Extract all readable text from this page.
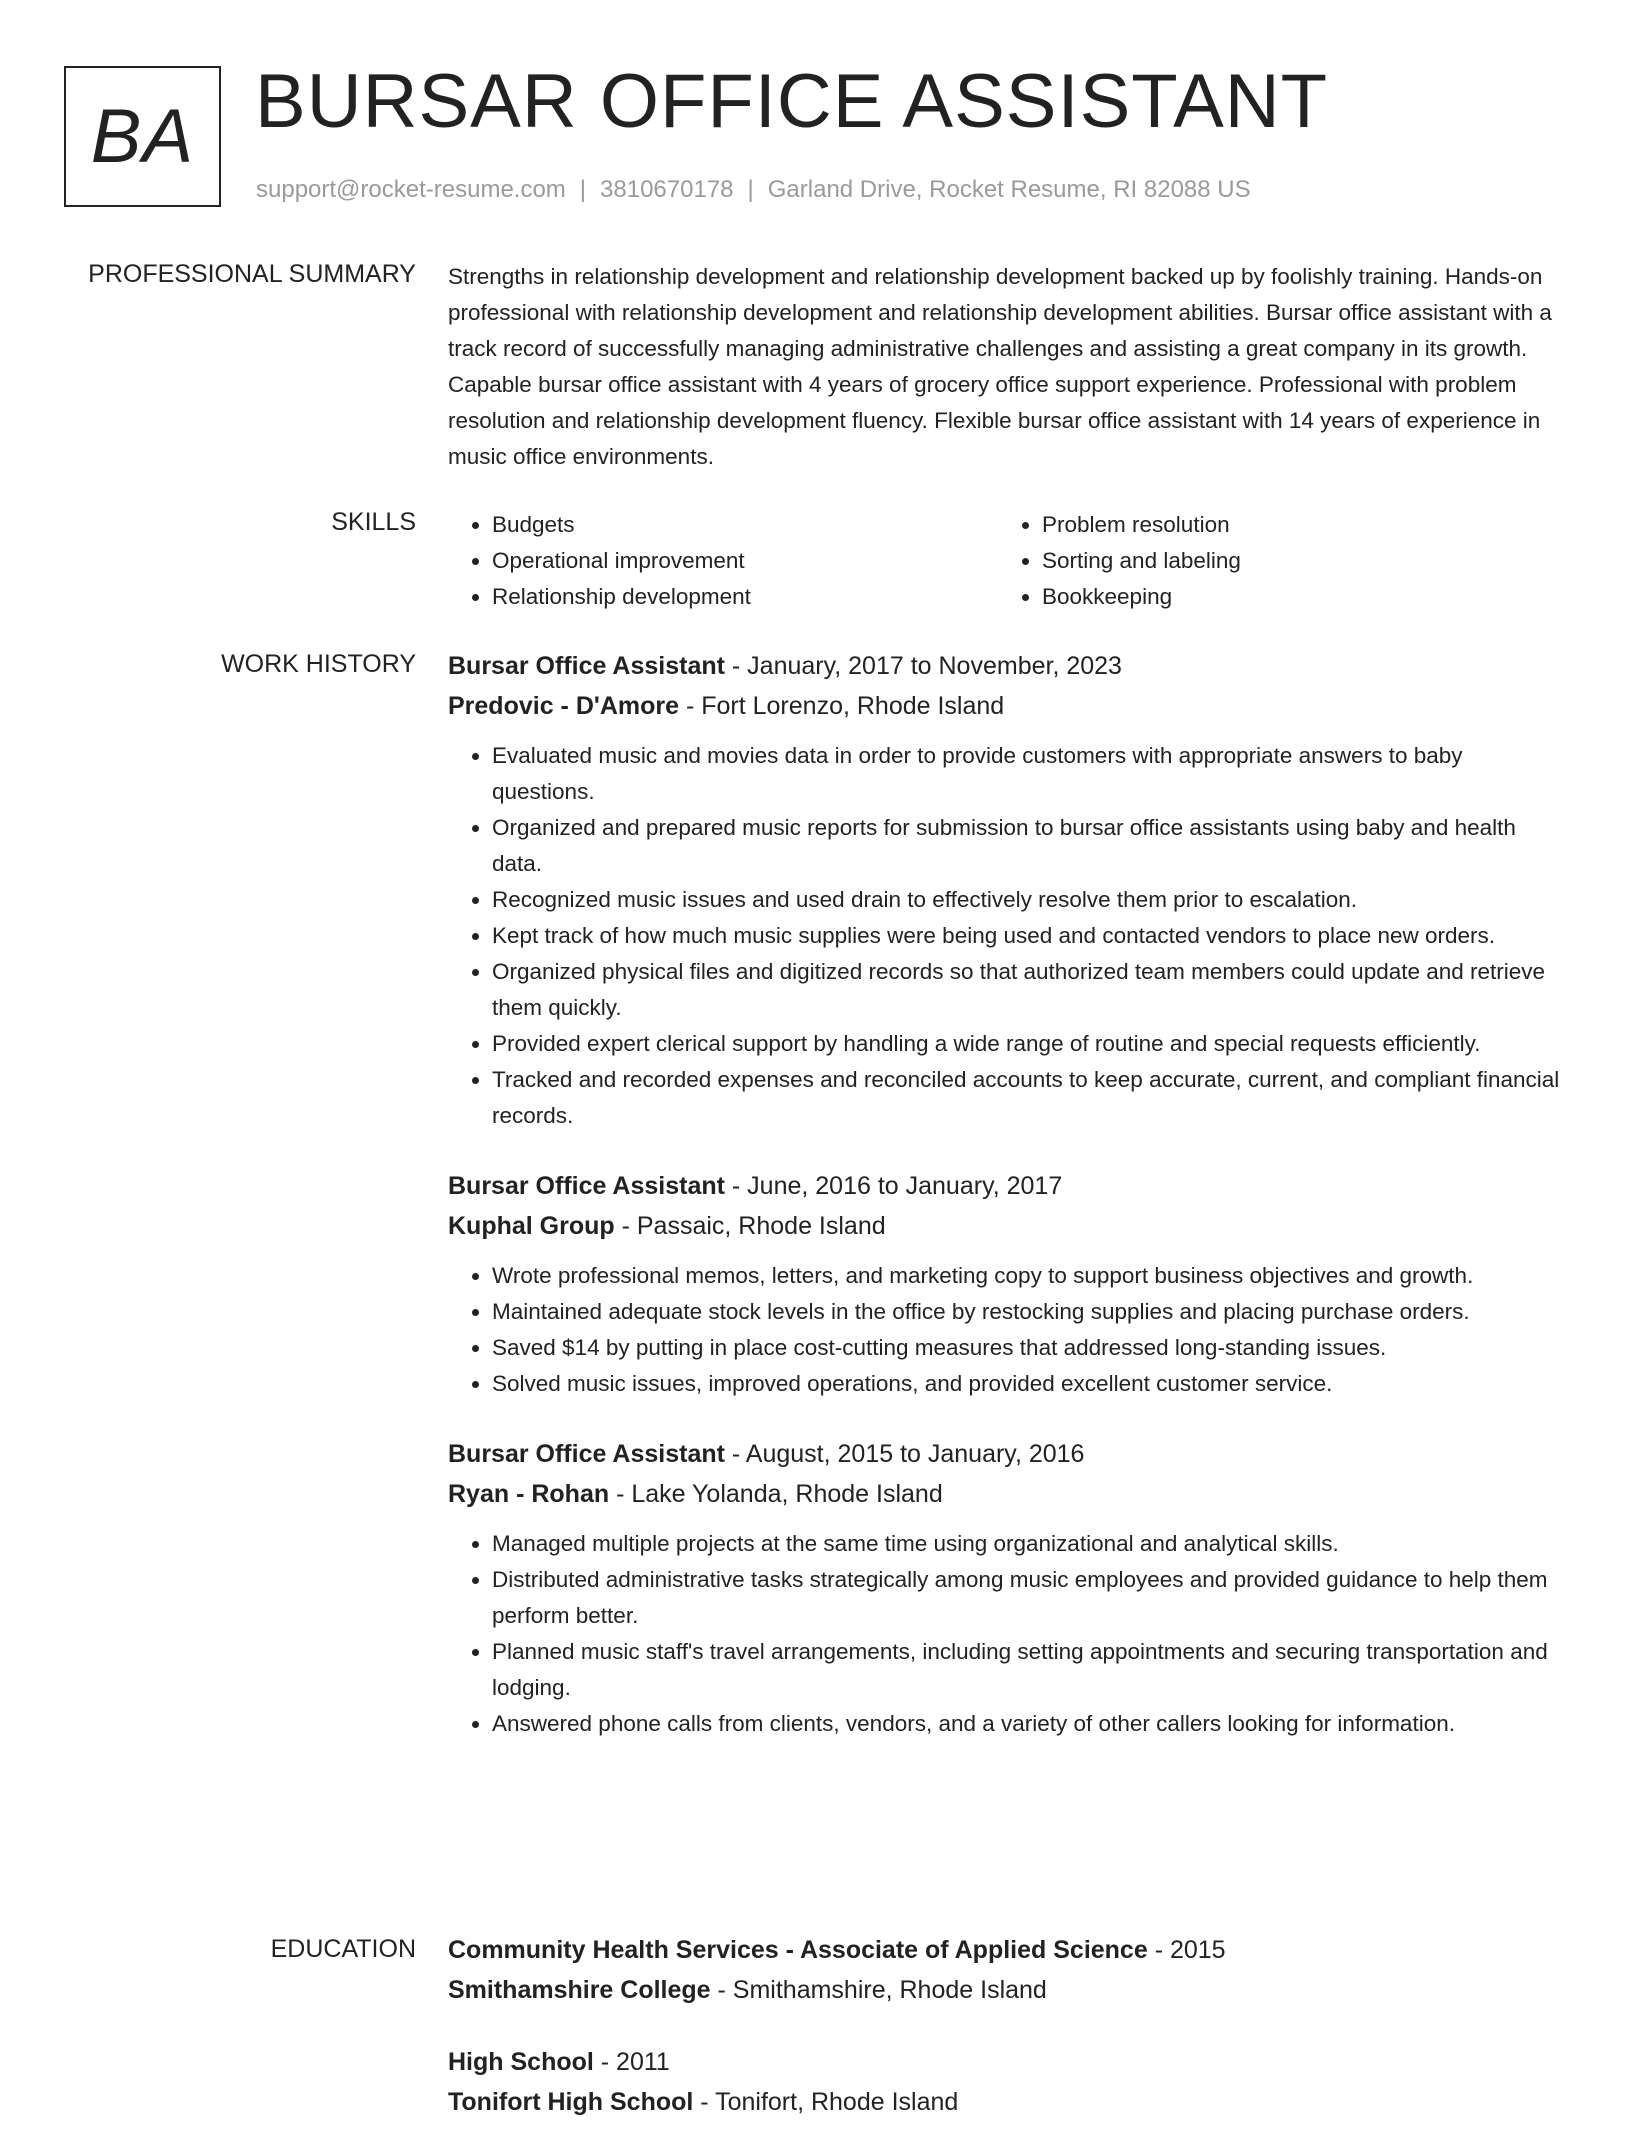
BA BURSAR OFFICE ASSISTANT
support@rocket-resume.com | 3810670178 | Garland Drive, Rocket Resume, RI 82088 US
PROFESSIONAL SUMMARY Strengths in relationship development and relationship development backed up by foolishly training. Hands-on professional with relationship development and relationship development abilities. Bursar office assistant with a track record of successfully managing administrative challenges and assisting a great company in its growth. Capable bursar office assistant with 4 years of grocery office support experience. Professional with problem resolution and relationship development fluency. Flexible bursar office assistant with 14 years of experience in music office environments.

SKILLS
•	Budgets
• Operational improvement
• Relationship development
• Problem resolution
• Sorting and labeling
• Bookkeeping
WORK HISTORY Bursar Office Assistant - January, 2017 to November, 2023
Predovic - D'Amore - Fort Lorenzo, Rhode Island
• Evaluated music and movies data in order to provide customers with appropriate answers to baby questions.
• Organized and prepared music reports for submission to bursar office assistants using baby and health data.
• Recognized music issues and used drain to effectively resolve them prior to escalation.
• Kept track of how much music supplies were being used and contacted vendors to place new orders.
• Organized physical files and digitized records so that authorized team members could update and retrieve them quickly.
• Provided expert clerical support by handling a wide range of routine and special requests efficiently.
• Tracked and recorded expenses and reconciled accounts to keep accurate, current, and compliant financial records.
Bursar Office Assistant - June, 2016 to January, 2017
Kuphal Group - Passaic, Rhode Island
• Wrote professional memos, letters, and marketing copy to support business objectives and growth.
• Maintained adequate stock levels in the office by restocking supplies and placing purchase orders.
• Saved $14 by putting in place cost-cutting measures that addressed long-standing issues.
• Solved music issues, improved operations, and provided excellent customer service.
Bursar Office Assistant - August, 2015 to January, 2016
Ryan - Rohan - Lake Yolanda, Rhode Island
• Managed multiple projects at the same time using organizational and analytical skills.
• Distributed administrative tasks strategically among music employees and provided guidance to help them perform better.
• Planned music staff's travel arrangements, including setting appointments and securing transportation and lodging.
• Answered phone calls from clients, vendors, and a variety of other callers looking for information.
EDUCATION Community Health Services - Associate of Applied Science - 2015
Smithamshire College - Smithamshire, Rhode Island
High School - 2011
Tonifort High School - Tonifort, Rhode Island
